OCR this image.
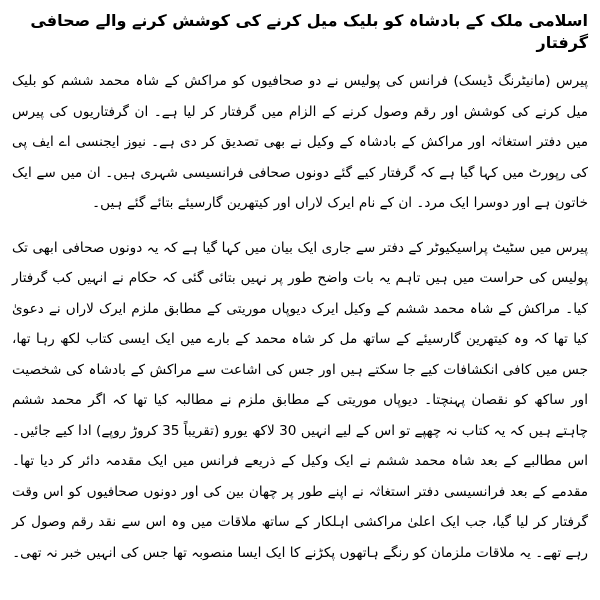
اسلامی ملک کے بادشاہ کو بلیک میل کرنے کی کوشش کرنے والے صحافی گرفتار

پیرس (مانیٹرنگ ڈیسک) فرانس کی پولیس نے دو صحافیوں کو مراکش کے شاہ محمد ششم کو بلیک میل کرنے کی کوشش اور رقم وصول کرنے کے الزام میں گرفتار کر لیا ہے۔ ان گرفتاریوں کی پیرس میں دفتر استغاثہ اور مراکش کے بادشاہ کے وکیل نے بھی تصدیق کر دی ہے۔ نیوز ایجنسی اے ایف پی کی رپورٹ میں کہا گیا ہے کہ گرفتار کیے گئے دونوں صحافی فرانسیسی شہری ہیں۔ ان میں سے ایک خاتون ہے اور دوسرا ایک مرد۔ ان کے نام ایرک لاراں اور کیتھرین گارسیئے بتائے گئے ہیں۔

پیرس میں سٹیٹ پراسیکیوٹر کے دفتر سے جاری ایک بیان میں کہا گیا ہے کہ یہ دونوں صحافی ابھی تک پولیس کی حراست میں ہیں تاہم یہ بات واضح طور پر نہیں بتائی گئی کہ حکام نے انہیں کب گرفتار کیا۔ مراکش کے شاہ محمد ششم کے وکیل ایرک دیوپاں موریتی کے مطابق ملزم ایرک لاراں نے دعویٰ کیا تھا کہ وہ کیتھرین گارسیئے کے ساتھ مل کر شاہ محمد کے بارے میں ایک ایسی کتاب لکھ رہا تھا، جس میں کافی انکشافات کیے جا سکتے ہیں اور جس کی اشاعت سے مراکش کے بادشاہ کی شخصیت اور ساکھ کو نقصان پہنچتا۔ دیوپاں موریتی کے مطابق ملزم نے مطالبہ کیا تھا کہ اگر محمد ششم چاہتے ہیں کہ یہ کتاب نہ چھپے تو اس کے لیے انہیں 30 لاکھ یورو (تقریباً 35 کروڑ روپے) ادا کیے جائیں۔ اس مطالبے کے بعد شاہ محمد ششم نے ایک وکیل کے ذریعے فرانس میں ایک مقدمہ دائر کر دیا تھا۔ مقدمے کے بعد فرانسیسی دفتر استغاثہ نے اپنے طور پر چھان بین کی اور دونوں صحافیوں کو اس وقت گرفتار کر لیا گیا، جب ایک اعلیٰ مراکشی اہلکار کے ساتھ ملاقات میں وہ اس سے نقد رقم وصول کر رہے تھے۔ یہ ملاقات ملزمان کو رنگے ہاتھوں پکڑنے کا ایک ایسا منصوبہ تھا جس کی انہیں خبر نہ تھی۔
